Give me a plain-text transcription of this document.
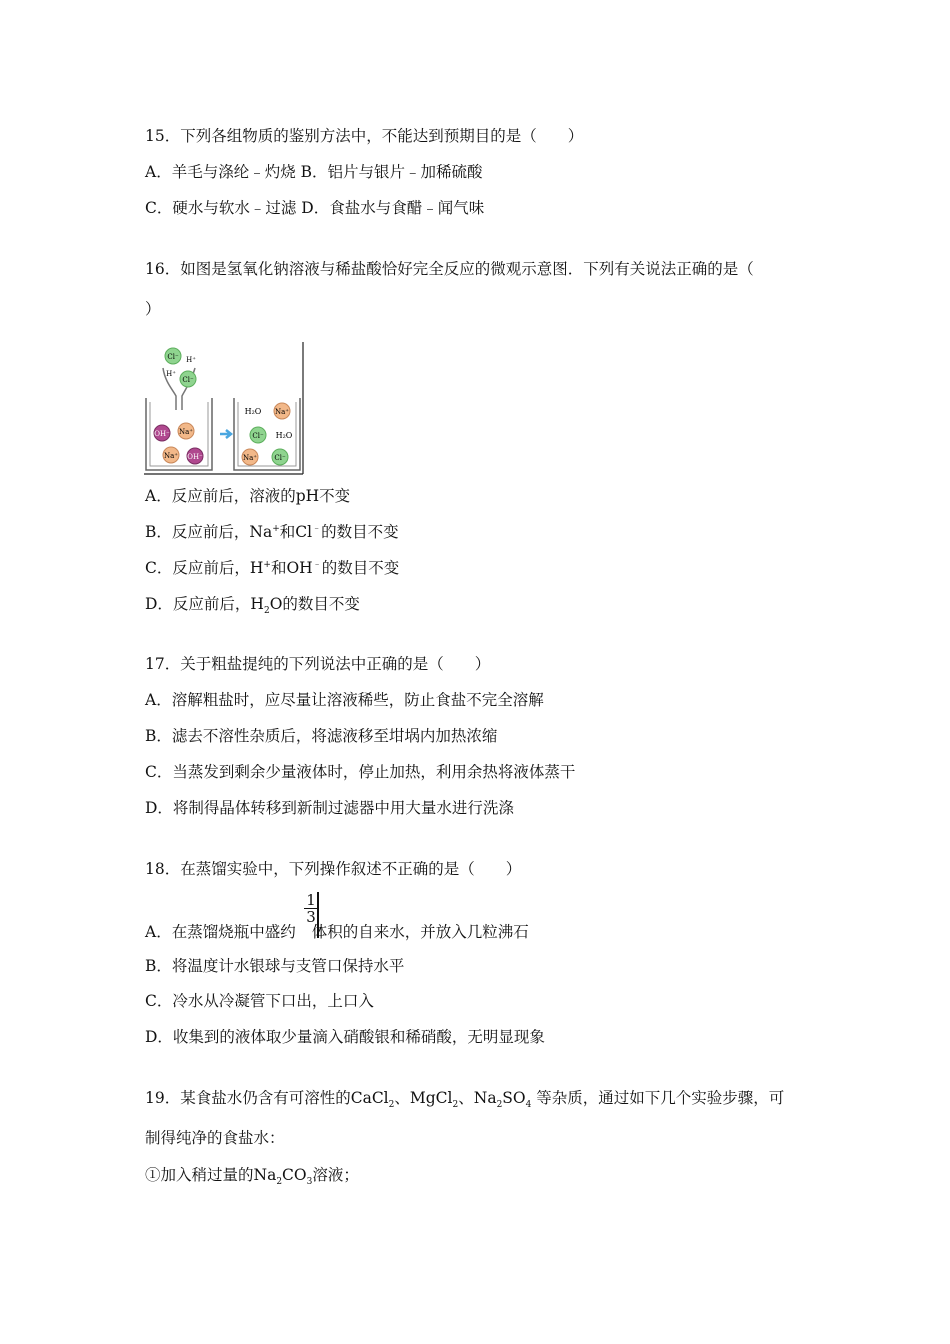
15．下列各组物质的鉴别方法中，不能达到预期目的是（　　）
A．羊毛与涤纶﹣灼烧 B．铝片与银片﹣加稀硫酸
C．硬水与软水﹣过滤 D．食盐水与食醋﹣闻气味
16．如图是氢氧化钠溶液与稀盐酸恰好完全反应的微观示意图．下列有关说法正确的是（
）
Cl⁻ H⁺
H⁺
Cl⁻
OH⁻ Na⁺
Na⁺ OH⁻
H₂O Na⁺
Cl⁻ H₂O
Na⁺ Cl⁻
A．反应前后，溶液的pH不变
B．反应前后，Na+和Cl﹣的数目不变
C．反应前后，H+和OH﹣的数目不变
D．反应前后，$H_2O$的数目不变
17．关于粗盐提纯的下列说法中正确的是（　　）
A．溶解粗盐时，应尽量让溶液稀些，防止食盐不完全溶解
B．滤去不溶性杂质后，将滤液移至坩埚内加热浓缩
C．当蒸发到剩余少量液体时，停止加热，利用余热将液体蒸干
D．将制得晶体转移到新制过滤器中用大量水进行洗涤
18．在蒸馏实验中，下列操作叙述不正确的是（　　）
$\frac{1}{3}$
A．在蒸馏烧瓶中盛约 体积的自来水，并放入几粒沸石
B．将温度计水银球与支管口保持水平
C．冷水从冷凝管下口出，上口入
D．收集到的液体取少量滴入硝酸银和稀硝酸，无明显现象
19．某食盐水仍含有可溶性的CaCl$_2$、MgCl$_2$、$Na_2SO_4$ 等杂质，通过如下几个实验步骤，可
制得纯净的食盐水：
①加入稍过量的$Na_2CO_3$溶液；
